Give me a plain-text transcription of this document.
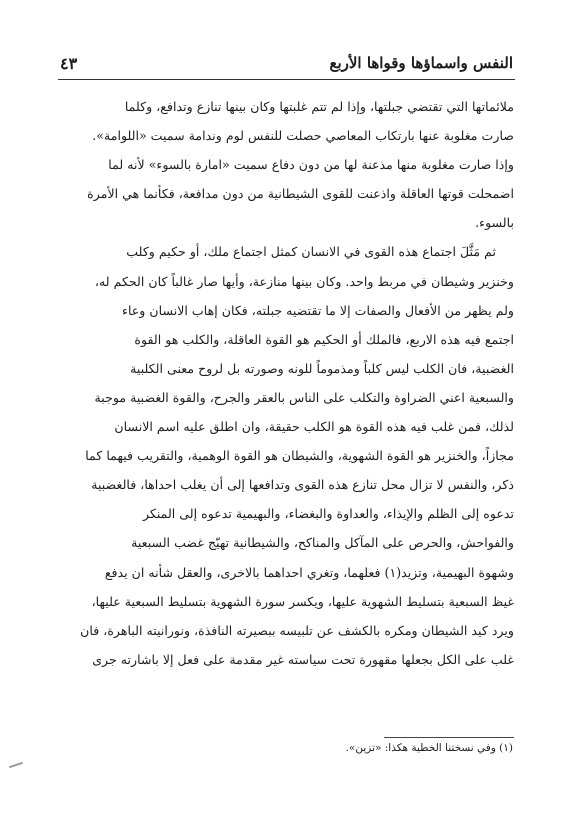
النفس واسماؤها وقواها الأربع
٤٣

ملائماتها التي تقتضي جبلتها، وإذا لم تتم غلبتها وكان بينها تنازع وتدافع، وكلما
صارت مغلوبة عنها بارتكاب المعاصي حصلت للنفس لوم وندامة سميت «اللوامة».
وإذا صارت مغلوبة منها مذعنة لها من دون دفاع سميت «امارة بالسوء» لأنه لما
اضمحلت قوتها العاقلة واذعنت للقوى الشيطانية من دون مدافعة، فكأنما هي الأمرة
بالسوء.

ثم مَثَّلَ اجتماع هذه القوى في الانسان كمثل اجتماع ملك، أو حكيم وكلب
وخنزير وشيطان في مربط واحد. وكان بينها منازعة، وأيها صار غالباً كان الحكم له،
ولم يظهر من الأفعال والصفات إلا ما تقتضيه جبلته، فكان إهاب الانسان وعاء
اجتمع فيه هذه الاربع، فالملك أو الحكيم هو القوة العاقلة، والكلب هو القوة
الغضبية، فان الكلب ليس كلباً ومذموماً للونه وصورته بل لروح معنى الكلبية
والسبعية اعني الضراوة والتكلب على الناس بالعقر والجرح، والقوة الغضبية موجبة
لذلك، فمن غلب فيه هذه القوة هو الكلب حقيقة، وان اطلق عليه اسم الانسان
مجازاً، والخنزير هو القوة الشهوية، والشيطان هو القوة الوهمية، والتقريب فيهما كما
ذكر، والنفس لا تزال محل تنازع هذه القوى وتدافعها إلى أن يغلب احداها، فالغضبية
تدعوه إلى الظلم والإيذاء، والعداوة والبغضاء، والبهيمية تدعوه إلى المنكر
والفواحش، والحرص على المآكل والمناكح، والشيطانية تهيّج غضب السبعية
وشهوة البهيمية، وتزيد(١) فعلهما، وتغري احداهما بالاخرى، والعقل شأنه ان يدفع
غيظ السبعية بتسليط الشهوية عليها، ويكسر سورة الشهوية بتسليط السبعية عليها،
ويرد كيد الشيطان ومكره بالكشف عن تلبيسه ببصيرته النافذة، ونورانيته الباهرة، فان
غلب على الكل بجعلها مقهورة تحت سياسته غير مقدمة على فعل إلا باشارته جرى

(١) وفي نسختنا الخطية هكذا: «تزين».
